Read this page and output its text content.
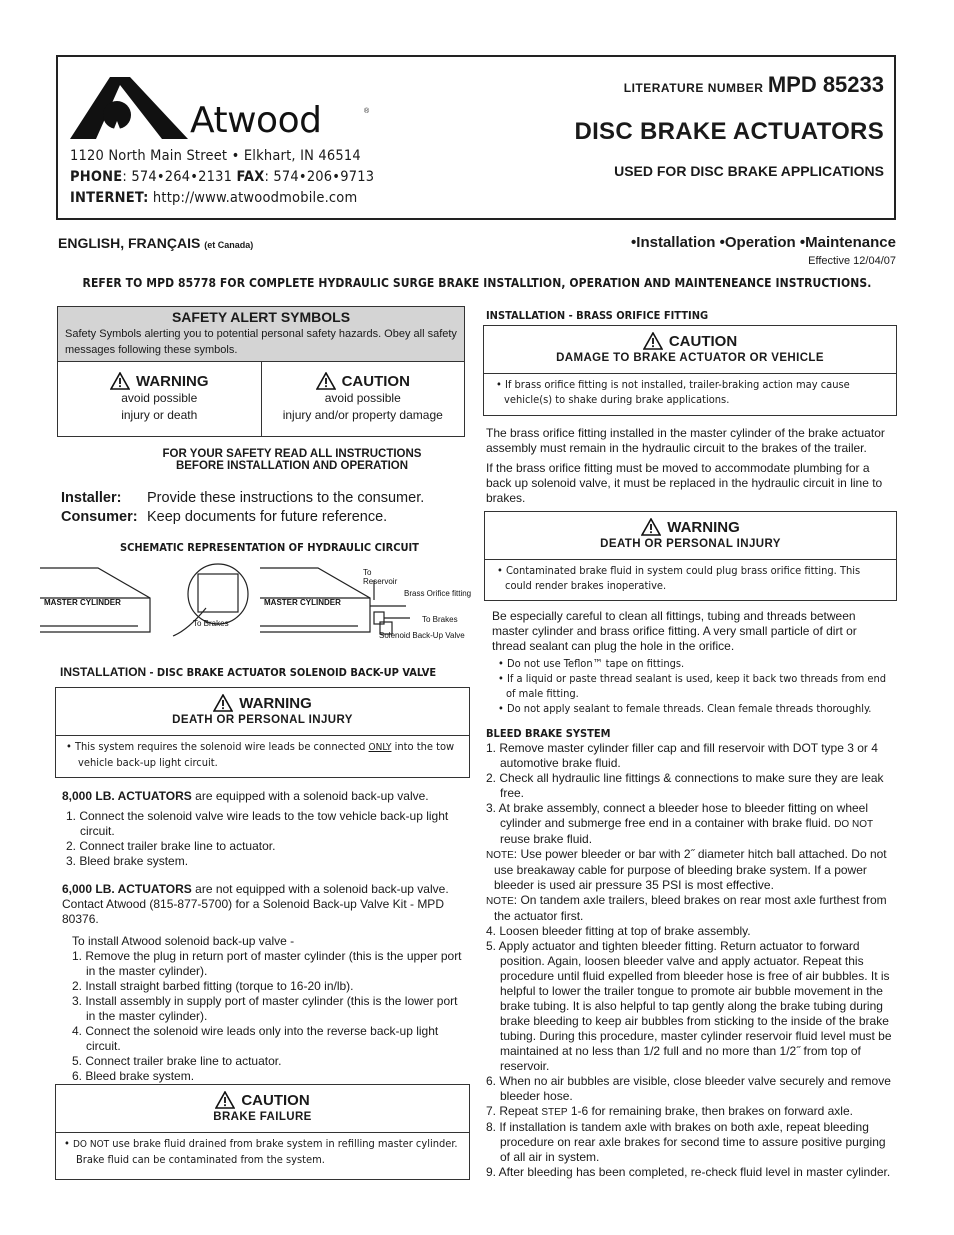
Atwood	®
1120 North Main Street • Elkhart, IN 46514
PHONE: 574•264•2131 FAX: 574•206•9713
INTERNET: http://www.atwoodmobile.com
LITERATURE NUMBER MPD 85233
DISC BRAKE ACTUATORS
USED FOR DISC BRAKE APPLICATIONS
ENGLISH, FRANÇAIS (et Canada)	•Installation •Operation •Maintenance
Effective 12/04/07
REFER TO MPD 85778 FOR COMPLETE HYDRAULIC SURGE BRAKE INSTALLTION, OPERATION AND MAINTENEANCE INSTRUCTIONS.
SAFETY ALERT SYMBOLS
Safety Symbols alerting you to potential personal safety hazards. Obey all safety messages following these symbols.
WARNING
avoid possible
injury or death
CAUTION
avoid possible
injury and/or property damage
FOR YOUR SAFETY READ ALL INSTRUCTIONS
BEFORE INSTALLATION AND OPERATION
Installer: Provide these instructions to the consumer.
Consumer: Keep documents for future reference.
SCHEMATIC REPRESENTATION OF HYDRAULIC CIRCUIT
MASTER CYLINDER	MASTER CYLINDER
To Brakes
To
Reservoir
Brass Orifice fitting
To Brakes
Solenoid Back-Up Valve
INSTALLATION - DISC BRAKE ACTUATOR SOLENOID BACK-UP VALVE
WARNING
DEATH OR PERSONAL INJURY
• This system requires the solenoid wire leads be connected ONLY into the tow vehicle back-up light circuit.
8,000 LB. ACTUATORS are equipped with a solenoid back-up valve.
1. Connect the solenoid valve wire leads to the tow vehicle back-up light circuit.
2. Connect trailer brake line to actuator.
3. Bleed brake system.
6,000 LB. ACTUATORS are not equipped with a solenoid back-up valve. Contact Atwood (815-877-5700) for a Solenoid Back-up Valve Kit - MPD 80376.
To install Atwood solenoid back-up valve -
1. Remove the plug in return port of master cylinder (this is the upper port in the master cylinder).
2. Install straight barbed fitting (torque to 16-20 in/lb).
3. Install assembly in supply port of master cylinder (this is the lower port in the master cylinder).
4. Connect the solenoid wire leads only into the reverse back-up light circuit.
5. Connect trailer brake line to actuator.
6. Bleed brake system.
CAUTION
BRAKE FAILURE
• DO NOT use brake fluid drained from brake system in refilling master cylinder. Brake fluid can be contaminated from the system.
INSTALLATION - BRASS ORIFICE FITTING
CAUTION
DAMAGE TO BRAKE ACTUATOR OR VEHICLE
• If brass orifice fitting is not installed, trailer-braking action may cause vehicle(s) to shake during brake applications.
The brass orifice fitting installed in the master cylinder of the brake actuator assembly must remain in the hydraulic circuit to the brakes of the trailer.
If the brass orifice fitting must be moved to accommodate plumbing for a back up solenoid valve, it must be replaced in the hydraulic circuit in line to brakes.
WARNING
DEATH OR PERSONAL INJURY
• Contaminated brake fluid in system could plug brass orifice fitting. This could render brakes inoperative.
Be especially careful to clean all fittings, tubing and threads between master cylinder and brass orifice fitting. A very small particle of dirt or thread sealant can plug the hole in the orifice.
• Do not use Teflon™ tape on fittings.
• If a liquid or paste thread sealant is used, keep it back two threads from end of male fitting.
• Do not apply sealant to female threads. Clean female threads thoroughly.
BLEED BRAKE SYSTEM
1. Remove master cylinder filler cap and fill reservoir with DOT type 3 or 4 automotive brake fluid.
2. Check all hydraulic line fittings & connections to make sure they are leak free.
3. At brake assembly, connect a bleeder hose to bleeder fitting on wheel cylinder and submerge free end in a container with brake fluid. DO NOT reuse brake fluid.
NOTE: Use power bleeder or bar with 2˝ diameter hitch ball attached. Do not use breakaway cable for purpose of bleeding brake system. If a power bleeder is used air pressure 35 PSI is most effective.
NOTE: On tandem axle trailers, bleed brakes on rear most axle furthest from the actuator first.
4. Loosen bleeder fitting at top of brake assembly.
5. Apply actuator and tighten bleeder fitting. Return actuator to forward position. Again, loosen bleeder valve and apply actuator. Repeat this procedure until fluid expelled from bleeder hose is free of air bubbles. It is helpful to lower the trailer tongue to promote air bubble movement in the brake tubing. It is also helpful to tap gently along the brake tubing during brake bleeding to keep air bubbles from sticking to the inside of the brake tubing. During this procedure, master cylinder reservoir fluid level must be maintained at no less than 1/2 full and no more than 1/2˝ from top of reservoir.
6. When no air bubbles are visible, close bleeder valve securely and remove bleeder hose.
7. Repeat STEP 1-6 for remaining brake, then brakes on forward axle.
8. If installation is tandem axle with brakes on both axle, repeat bleeding procedure on rear axle brakes for second time to assure positive purging of all air in system.
9. After bleeding has been completed, re-check fluid level in master cylinder.
